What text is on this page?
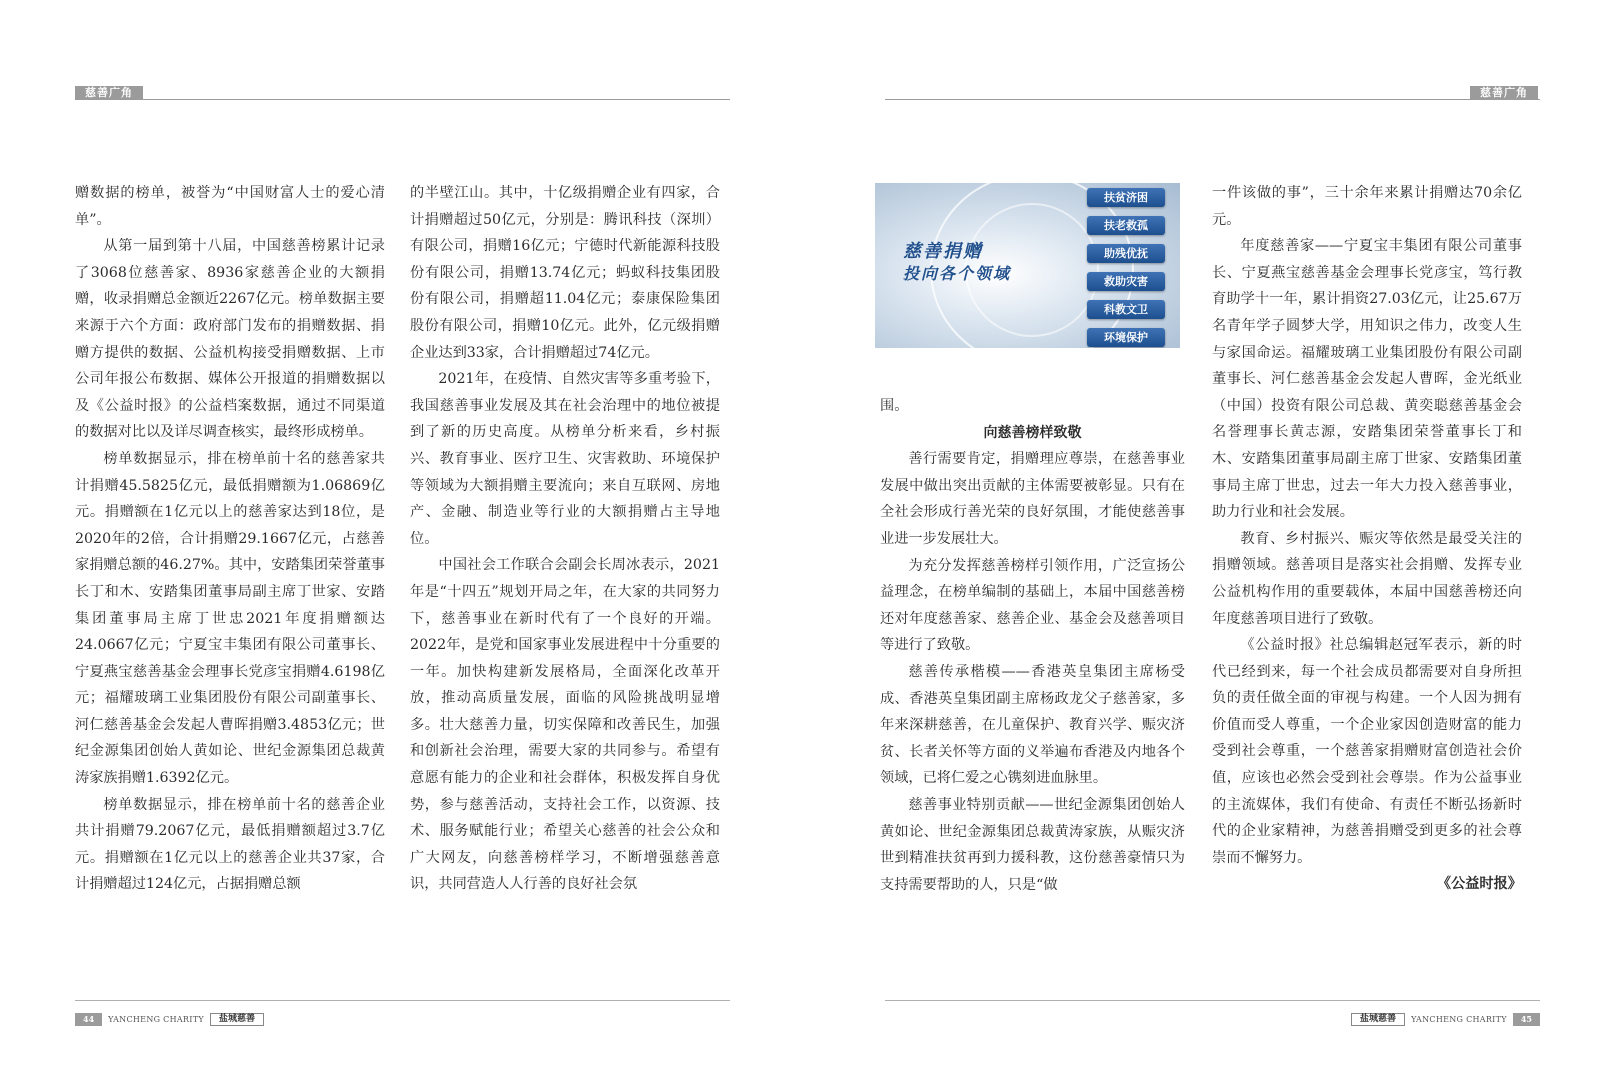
慈善广角	慈善广角

赠数据的榜单，被誉为“中国财富人士的爱心清单”。

从第一届到第十八届，中国慈善榜累计记录了3068位慈善家、8936家慈善企业的大额捐赠，收录捐赠总金额近2267亿元。榜单数据主要来源于六个方面：政府部门发布的捐赠数据、捐赠方提供的数据、公益机构接受捐赠数据、上市公司年报公布数据、媒体公开报道的捐赠数据以及《公益时报》的公益档案数据，通过不同渠道的数据对比以及详尽调查核实，最终形成榜单。

榜单数据显示，排在榜单前十名的慈善家共计捐赠45.5825亿元，最低捐赠额为1.06869亿元。捐赠额在1亿元以上的慈善家达到18位，是2020年的2倍，合计捐赠29.1667亿元，占慈善家捐赠总额的46.27%。其中，安踏集团荣誉董事长丁和木、安踏集团董事局副主席丁世家、安踏集团董事局主席丁世忠2021年度捐赠额达24.0667亿元；宁夏宝丰集团有限公司董事长、宁夏燕宝慈善基金会理事长党彦宝捐赠4.6198亿元；福耀玻璃工业集团股份有限公司副董事长、河仁慈善基金会发起人曹晖捐赠3.4853亿元；世纪金源集团创始人黄如论、世纪金源集团总裁黄涛家族捐赠1.6392亿元。

榜单数据显示，排在榜单前十名的慈善企业共计捐赠79.2067亿元，最低捐赠额超过3.7亿元。捐赠额在1亿元以上的慈善企业共37家，合计捐赠超过124亿元，占据捐赠总额

的半壁江山。其中，十亿级捐赠企业有四家，合计捐赠超过50亿元，分别是：腾讯科技（深圳）有限公司，捐赠16亿元；宁德时代新能源科技股份有限公司，捐赠13.74亿元；蚂蚁科技集团股份有限公司，捐赠超11.04亿元；泰康保险集团股份有限公司，捐赠10亿元。此外，亿元级捐赠企业达到33家，合计捐赠超过74亿元。

2021年，在疫情、自然灾害等多重考验下，我国慈善事业发展及其在社会治理中的地位被提到了新的历史高度。从榜单分析来看，乡村振兴、教育事业、医疗卫生、灾害救助、环境保护等领域为大额捐赠主要流向；来自互联网、房地产、金融、制造业等行业的大额捐赠占主导地位。

中国社会工作联合会副会长周冰表示，2021年是“十四五”规划开局之年，在大家的共同努力下，慈善事业在新时代有了一个良好的开端。2022年，是党和国家事业发展进程中十分重要的一年。加快构建新发展格局，全面深化改革开放，推动高质量发展，面临的风险挑战明显增多。壮大慈善力量，切实保障和改善民生，加强和创新社会治理，需要大家的共同参与。希望有意愿有能力的企业和社会群体，积极发挥自身优势，参与慈善活动，支持社会工作，以资源、技术、服务赋能行业；希望关心慈善的社会公众和广大网友，向慈善榜样学习，不断增强慈善意识，共同营造人人行善的良好社会氛

慈善捐赠
投向各个领域
扶贫济困
扶老救孤
助残优抚
救助灾害
科教文卫
环境保护

围。

向慈善榜样致敬

善行需要肯定，捐赠理应尊崇，在慈善事业发展中做出突出贡献的主体需要被彰显。只有在全社会形成行善光荣的良好氛围，才能使慈善事业进一步发展壮大。

为充分发挥慈善榜样引领作用，广泛宣扬公益理念，在榜单编制的基础上，本届中国慈善榜还对年度慈善家、慈善企业、基金会及慈善项目等进行了致敬。

慈善传承楷模——香港英皇集团主席杨受成、香港英皇集团副主席杨政龙父子慈善家，多年来深耕慈善，在儿童保护、教育兴学、赈灾济贫、长者关怀等方面的义举遍布香港及内地各个领域，已将仁爱之心镌刻进血脉里。

慈善事业特别贡献——世纪金源集团创始人黄如论、世纪金源集团总裁黄涛家族，从赈灾济世到精准扶贫再到力援科教，这份慈善豪情只为支持需要帮助的人，只是“做

一件该做的事”，三十余年来累计捐赠达70余亿元。

年度慈善家——宁夏宝丰集团有限公司董事长、宁夏燕宝慈善基金会理事长党彦宝，笃行教育助学十一年，累计捐资27.03亿元，让25.67万名青年学子圆梦大学，用知识之伟力，改变人生与家国命运。福耀玻璃工业集团股份有限公司副董事长、河仁慈善基金会发起人曹晖，金光纸业（中国）投资有限公司总裁、黄奕聪慈善基金会名誉理事长黄志源，安踏集团荣誉董事长丁和木、安踏集团董事局副主席丁世家、安踏集团董事局主席丁世忠，过去一年大力投入慈善事业，助力行业和社会发展。

教育、乡村振兴、赈灾等依然是最受关注的捐赠领域。慈善项目是落实社会捐赠、发挥专业公益机构作用的重要载体，本届中国慈善榜还向年度慈善项目进行了致敬。

《公益时报》社总编辑赵冠军表示，新的时代已经到来，每一个社会成员都需要对自身所担负的责任做全面的审视与构建。一个人因为拥有价值而受人尊重，一个企业家因创造财富的能力受到社会尊重，一个慈善家捐赠财富创造社会价值，应该也必然会受到社会尊崇。作为公益事业的主流媒体，我们有使命、有责任不断弘扬新时代的企业家精神，为慈善捐赠受到更多的社会尊崇而不懈努力。

《公益时报》

44	YANCHENG CHARITY	盐城慈善	盐城慈善	YANCHENG CHARITY	45
